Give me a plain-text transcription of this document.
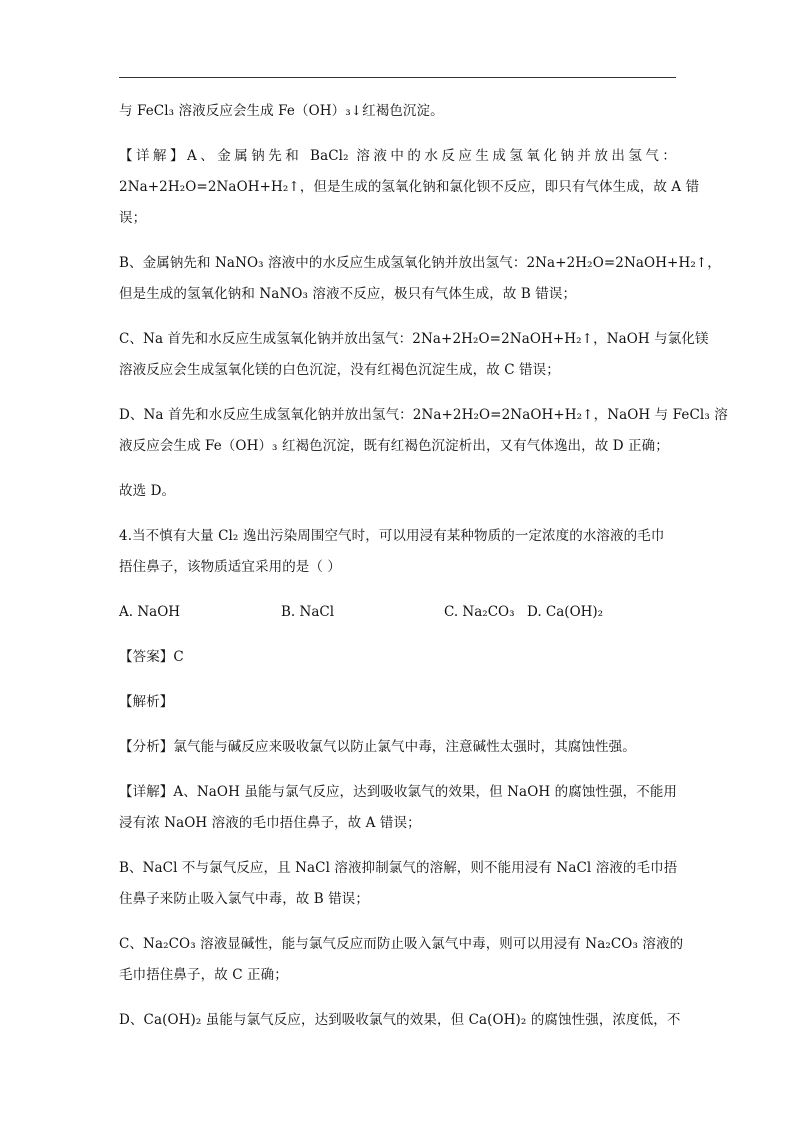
与 FeCl₃ 溶液反应会生成 Fe（OH）₃↓红褐色沉淀。

【详解】A、金属钠先和 BaCl₂ 溶液中的水反应生成氢氧化钠并放出氢气：
2Na+2H₂O=2NaOH+H₂↑，但是生成的氢氧化钠和氯化钡不反应，即只有气体生成，故 A 错
误；

B、金属钠先和 NaNO₃ 溶液中的水反应生成氢氧化钠并放出氢气：2Na+2H₂O=2NaOH+H₂↑，
但是生成的氢氧化钠和 NaNO₃ 溶液不反应，极只有气体生成，故 B 错误；

C、Na 首先和水反应生成氢氧化钠并放出氢气：2Na+2H₂O=2NaOH+H₂↑，NaOH 与氯化镁
溶液反应会生成氢氧化镁的白色沉淀，没有红褐色沉淀生成，故 C 错误；

D、Na 首先和水反应生成氢氧化钠并放出氢气：2Na+2H₂O=2NaOH+H₂↑，NaOH 与 FeCl₃ 溶
液反应会生成 Fe（OH）₃ 红褐色沉淀，既有红褐色沉淀析出，又有气体逸出，故 D 正确；

故选 D。

4.当不慎有大量 Cl₂ 逸出污染周围空气时，可以用浸有某种物质的一定浓度的水溶液的毛巾
捂住鼻子，该物质适宜采用的是（ ）

A. NaOH	B. NaCl	C. Na₂CO₃ D. Ca(OH)₂

【答案】C

【解析】

【分析】氯气能与碱反应来吸收氯气以防止氯气中毒，注意碱性太强时，其腐蚀性强。

【详解】A、NaOH 虽能与氯气反应，达到吸收氯气的效果，但 NaOH 的腐蚀性强，不能用
浸有浓 NaOH 溶液的毛巾捂住鼻子，故 A 错误；

B、NaCl 不与氯气反应，且 NaCl 溶液抑制氯气的溶解，则不能用浸有 NaCl 溶液的毛巾捂
住鼻子来防止吸入氯气中毒，故 B 错误；

C、Na₂CO₃ 溶液显碱性，能与氯气反应而防止吸入氯气中毒，则可以用浸有 Na₂CO₃ 溶液的
毛巾捂住鼻子，故 C 正确；

D、Ca(OH)₂ 虽能与氯气反应，达到吸收氯气的效果，但 Ca(OH)₂ 的腐蚀性强，浓度低，不
